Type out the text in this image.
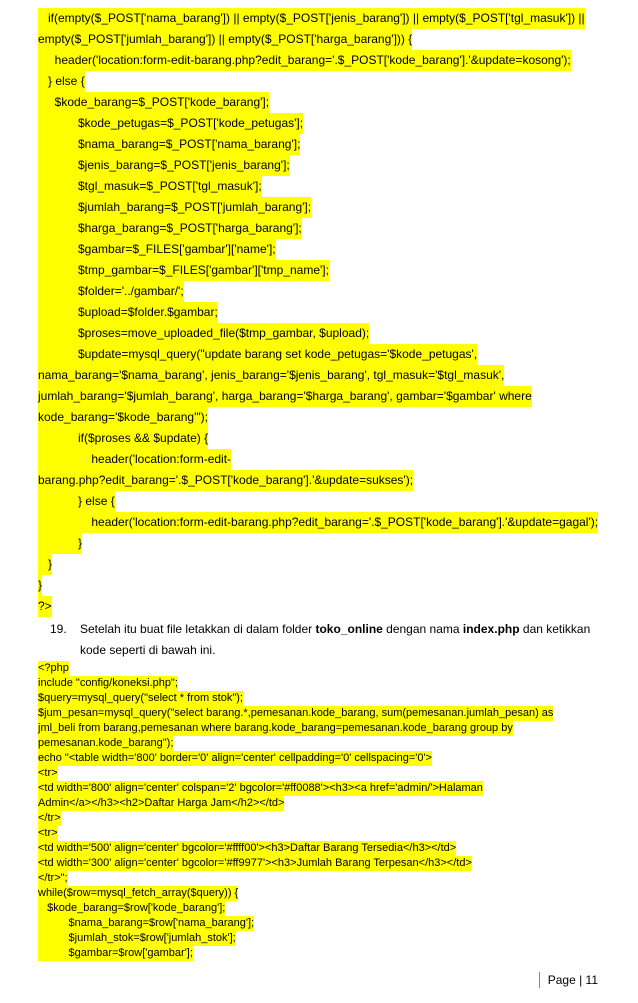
if(empty($_POST['nama_barang']) || empty($_POST['jenis_barang']) || empty($_POST['tgl_masuk']) ||
empty($_POST['jumlah_barang']) || empty($_POST['harga_barang'])) {
header('location:form-edit-barang.php?edit_barang='.$_POST['kode_barang'].'&update=kosong');
} else {
$kode_barang=$_POST['kode_barang'];
$kode_petugas=$_POST['kode_petugas'];
$nama_barang=$_POST['nama_barang'];
$jenis_barang=$_POST['jenis_barang'];
$tgl_masuk=$_POST['tgl_masuk'];
$jumlah_barang=$_POST['jumlah_barang'];
$harga_barang=$_POST['harga_barang'];
$gambar=$_FILES['gambar']['name'];
$tmp_gambar=$_FILES['gambar']['tmp_name'];
$folder='../gambar/';
$upload=$folder.$gambar;
$proses=move_uploaded_file($tmp_gambar, $upload);
$update=mysql_query("update barang set kode_petugas='$kode_petugas',
nama_barang='$nama_barang', jenis_barang='$jenis_barang', tgl_masuk='$tgl_masuk',
jumlah_barang='$jumlah_barang', harga_barang='$harga_barang', gambar='$gambar' where
kode_barang='$kode_barang'");
if($proses && $update) {
header('location:form-edit-
barang.php?edit_barang='.$_POST['kode_barang'].'&update=sukses');
} else {
header('location:form-edit-barang.php?edit_barang='.$_POST['kode_barang'].'&update=gagal');
}
}
}
?>
19. Setelah itu buat file letakkan di dalam folder toko_online dengan nama index.php dan ketikkan
kode seperti di bawah ini.
<?php
include "config/koneksi.php";
$query=mysql_query("select * from stok");
$jum_pesan=mysql_query("select barang.*,pemesanan.kode_barang, sum(pemesanan.jumlah_pesan) as
jml_beli from barang,pemesanan where barang.kode_barang=pemesanan.kode_barang group by
pemesanan.kode_barang");
echo "<table width='800' border='0' align='center' cellpadding='0' cellspacing='0'>
<tr>
<td width='800' align='center' colspan='2' bgcolor='#ff0088'><h3><a href='admin/'>Halaman
Admin</a></h3><h2>Daftar Harga Jam</h2></td>
</tr>
<tr>
<td width='500' align='center' bgcolor='#ffff00'><h3>Daftar Barang Tersedia</h3></td>
<td width='300' align='center' bgcolor='#ff9977'><h3>Jumlah Barang Terpesan</h3></td>
</tr>";
while($row=mysql_fetch_array($query)) {
$kode_barang=$row['kode_barang'];
$nama_barang=$row['nama_barang'];
$jumlah_stok=$row['jumlah_stok'];
$gambar=$row['gambar'];
Page | 11
